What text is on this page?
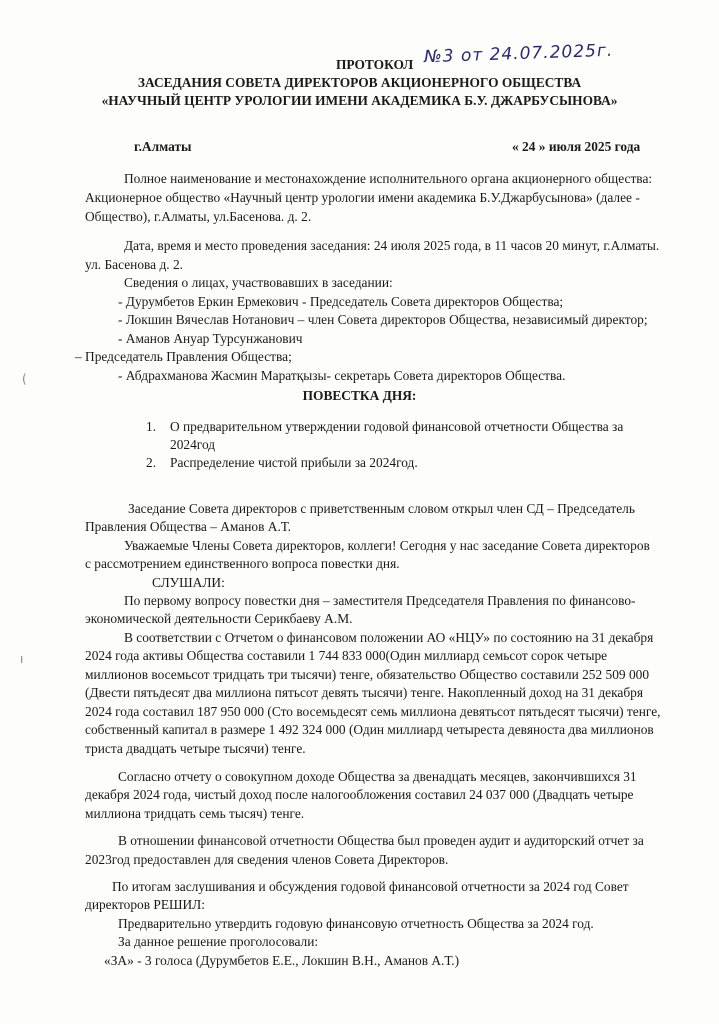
ПРОТОКОЛ №3 от 24.07.2025г.
ЗАСЕДАНИЯ СОВЕТА ДИРЕКТОРОВ АКЦИОНЕРНОГО ОБЩЕСТВА
«НАУЧНЫЙ ЦЕНТР УРОЛОГИИ ИМЕНИ АКАДЕМИКА Б.У. ДЖАРБУСЫНОВА»
г.Алматы	« 24 » июля 2025 года
Полное наименование и местонахождение исполнительного органа акционерного общества:
Акционерное общество «Научный центр урологии имени академика Б.У.Джарбусынова» (далее -
Общество), г.Алматы, ул.Басенова. д. 2.
Дата, время и место проведения заседания: 24 июля 2025 года, в 11 часов 20 минут, г.Алматы.
ул. Басенова д. 2.
Сведения о лицах, участвовавших в заседании:
- Дурумбетов Еркин Ермекович - Председатель Совета директоров Общества;
- Локшин Вячеслав Нотанович – член Совета директоров Общества, независимый директор;
- Аманов Ануар Турсунжанович
– Председатель Правления Общества;
- Абдрахманова Жасмин Маратқызы- секретарь Совета директоров Общества.
ПОВЕСТКА ДНЯ:
1. О предварительном утверждении годовой финансовой отчетности Общества за
2024год
2. Распределение чистой прибыли за 2024год.
Заседание Совета директоров с приветственным словом открыл член СД – Председатель
Правления Общества – Аманов А.Т.
Уважаемые Члены Совета директоров, коллеги! Сегодня у нас заседание Совета директоров
с рассмотрением единственного вопроса повестки дня.
СЛУШАЛИ:
По первому вопросу повестки дня – заместителя Председателя Правления по финансово-
экономической деятельности Серикбаеву А.М.
В соответствии с Отчетом о финансовом положении АО «НЦУ» по состоянию на 31 декабря
2024 года активы Общества составили 1 744 833 000(Один миллиард семьсот сорок четыре
миллионов восемьсот тридцать три тысячи) тенге, обязательство Общество составили 252 509 000
(Двести пятьдесят два миллиона пятьсот девять тысячи) тенге. Накопленный доход на 31 декабря
2024 года составил 187 950 000 (Сто восемьдесят семь миллиона девятьсот пятьдесят тысячи) тенге,
собственный капитал в размере 1 492 324 000 (Один миллиард четыреста девяноста два миллионов
триста двадцать четыре тысячи) тенге.
Согласно отчету о совокупном доходе Общества за двенадцать месяцев, закончившихся 31
декабря 2024 года, чистый доход после налогообложения составил 24 037 000 (Двадцать четыре
миллиона тридцать семь тысяч) тенге.
В отношении финансовой отчетности Общества был проведен аудит и аудиторский отчет за
2023год предоставлен для сведения членов Совета Директоров.
По итогам заслушивания и обсуждения годовой финансовой отчетности за 2024 год Совет
директоров РЕШИЛ:
Предварительно утвердить годовую финансовую отчетность Общества за 2024 год.
За данное решение проголосовали:
«ЗА» - 3 голоса (Дурумбетов Е.Е., Локшин В.Н., Аманов А.Т.)
(
ı
